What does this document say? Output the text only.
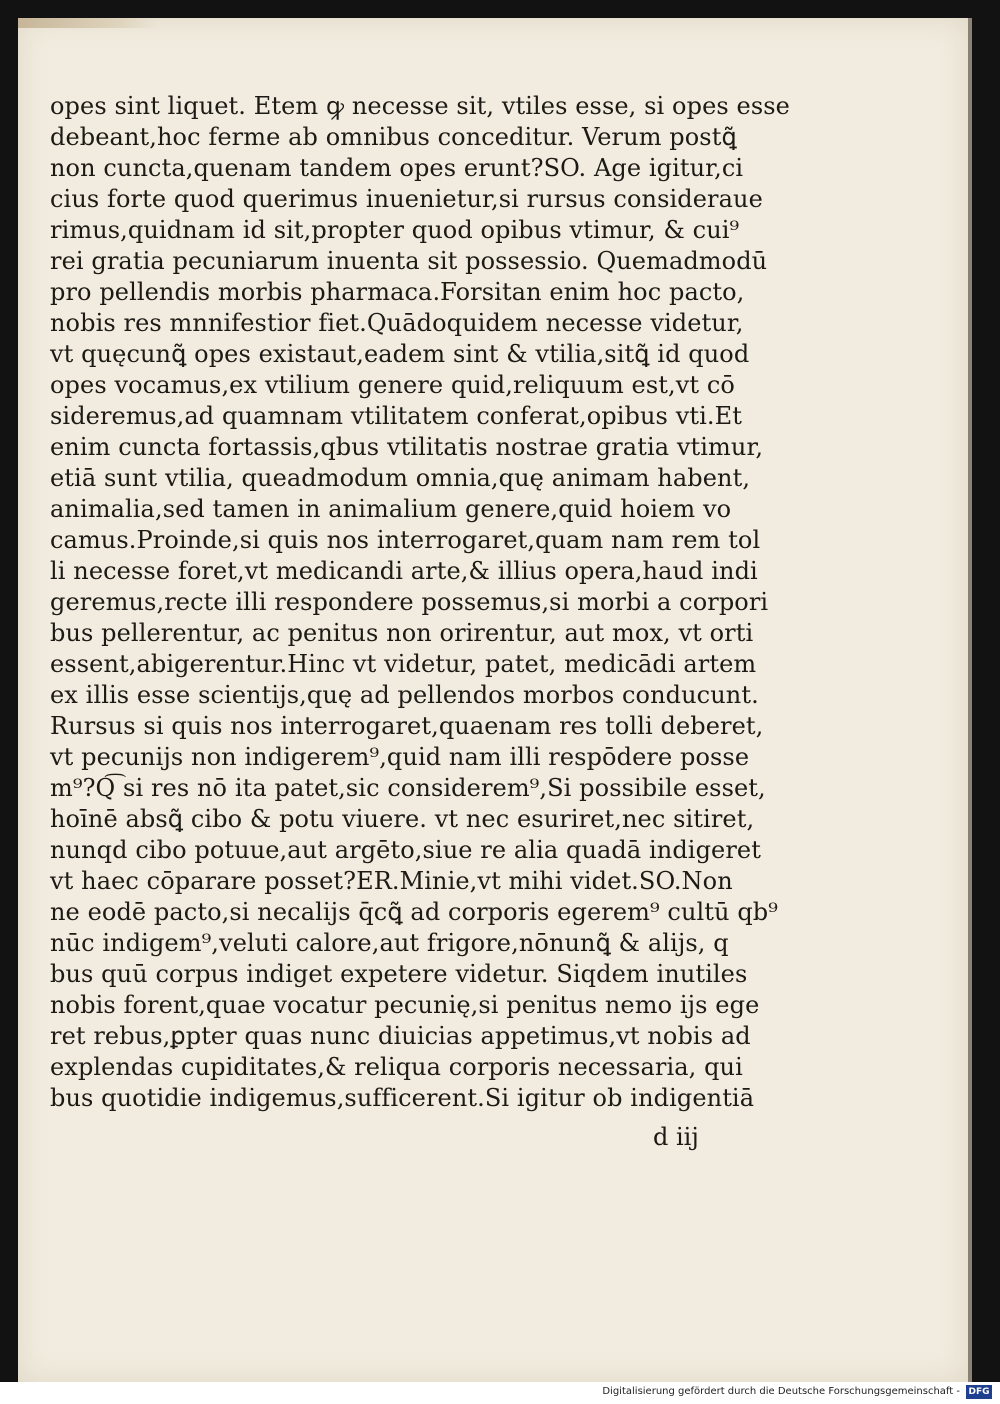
opes sint liquet. Etem ꝙ necesse sit, vtiles esse, si opes esse
debeant,hoc ferme ab omnibus conceditur. Verum postꝗ̃
non cuncta,quenam tandem opes erunt?SO. Age igitur,ci
cius forte quod querimus inuenietur,si rursus consideraue
rimus,quidnam id sit,propter quod opibus vtimur, & cui⁹
rei gratia pecuniarum inuenta sit possessio. Quemadmodū
pro pellendis morbis pharmaca.Forsitan enim hoc pacto,
nobis res mnnifestior fiet.Quādoquidem necesse videtur,
vt quęcunꝗ̃ opes existaut,eadem sint & vtilia,sitꝗ̃ id quod
opes vocamus,ex vtilium genere quid,reliquum est,vt cō
sideremus,ad quamnam vtilitatem conferat,opibus vti.Et
enim cuncta fortassis,qbus vtilitatis nostrae gratia vtimur,
etiā sunt vtilia, queadmodum omnia,quę animam habent,
animalia,sed tamen in animalium genere,quid hoiem vo
camus.Proinde,si quis nos interrogaret,quam nam rem tol
li necesse foret,vt medicandi arte,& illius opera,haud indi
geremus,recte illi respondere possemus,si morbi a corpori
bus pellerentur, ac penitus non orirentur, aut mox, vt orti
essent,abigerentur.Hinc vt videtur, patet, medicādi artem
ex illis esse scientijs,quę ad pellendos morbos conducunt.
Rursus si quis nos interrogaret,quaenam res tolli deberet,
vt pecunijs non indigerem⁹,quid nam illi respōdere posse
m⁹?Q͡ si res nō ita patet,sic considerem⁹,Si possibile esset,
hoīnē absꝗ̃ cibo & potu viuere. vt nec esuriret,nec sitiret,
nunqd cibo potuue,aut argēto,siue re alia quadā indigeret
vt haec cōparare posset?ER.Minie,vt mihi videt.SO.Non
ne eodē pacto,si necalijs q̄cꝗ̃ ad corporis egerem⁹ cultū qb⁹
nūc indigem⁹,veluti calore,aut frigore,nōnunꝗ̃ & alijs, q
bus quū corpus indiget expetere videtur. Siqdem inutiles
nobis forent,quae vocatur pecunię,si penitus nemo ijs ege
ret rebus,ꝑpter quas nunc diuicias appetimus,vt nobis ad
explendas cupiditates,& reliqua corporis necessaria, qui
bus quotidie indigemus,sufficerent.Si igitur ob indigentiā
d iij
Digitalisierung gefördert durch die Deutsche Forschungsgemeinschaft - DFG
